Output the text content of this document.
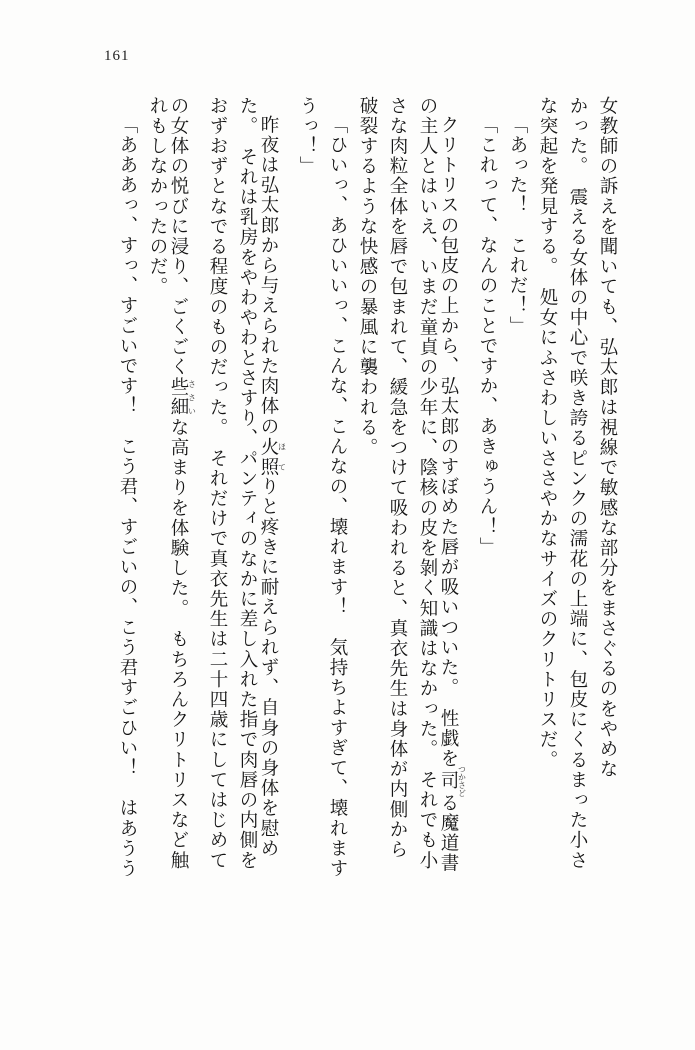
161
女教師の訴えを聞いても、弘太郎は視線で敏感な部分をまさぐるのをやめな
かった。　震える女体の中心で咲き誇るピンクの濡花の上端に、包皮にくるまった小さ
な突起を発見する。　処女にふさわしいささやかなサイズのクリトリスだ。
「あった！　これだ！」
「これって、なんのことですか、あきゅうん！」
クリトリスの包皮の上から、弘太郎のすぼめた唇が吸いついた。　性戯を司 つかさどる魔道書
の主人とはいえ、いまだ童貞の少年に、陰核の皮を剝く知識はなかった。　それでも小
さな肉粒全体を唇で包まれて、緩急をつけて吸われると、真衣先生は身体が内側から
破裂するような快感の暴風に襲われる。
「ひいっ、あひいいっ、こんな、こんなの、壊れます！　気持ちよすぎて、壊れます
うっ！」
昨夜は弘太郎から与えられた肉体の火照 ほてりと疼きに耐えられず、自身の身体を慰め
た。　それは乳房をやわやわとさすり、パンティのなかに差し入れた指で肉唇の内側を
おずおずとなでる程度のものだった。　それだけで真衣先生は二十四歳にしてはじめて
の女体の悦びに浸り、ごくごく些細 ささいな高まりを体験した。　もちろんクリトリスなど触
れもしなかったのだ。
「あああっ、すっ、すごいです！　こう君、すごいの、こう君すごひい！　はあうう
